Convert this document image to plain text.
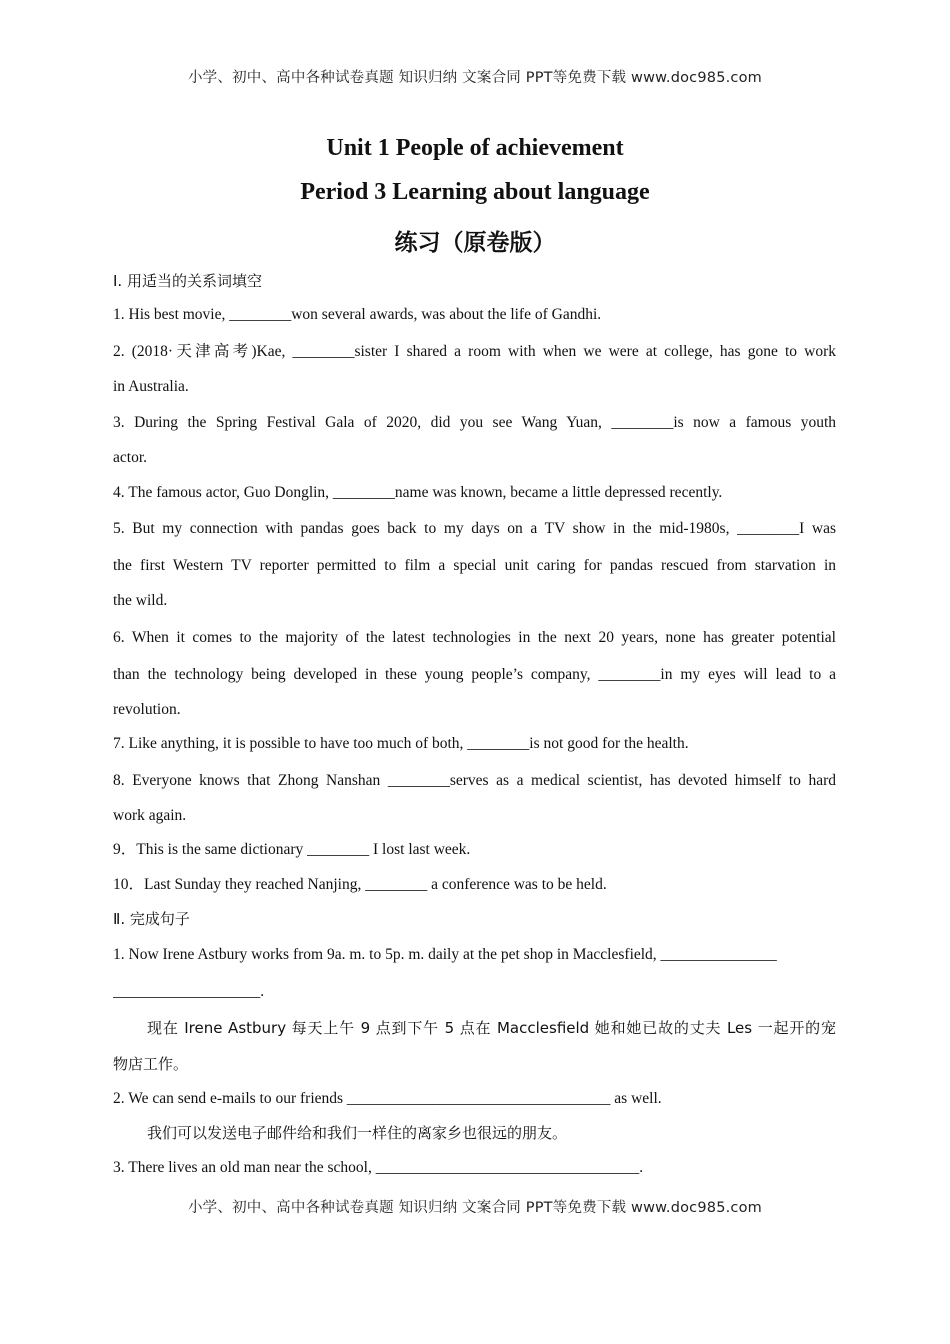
小学、初中、高中各种试卷真题 知识归纳 文案合同 PPT等免费下载 www.doc985.com
Unit 1 People of achievement
Period 3 Learning about language
练习（原卷版）
Ⅰ. 用适当的关系词填空
1. His best movie, ________won several awards, was about the life of Gandhi.
2. (2018·天津高考)Kae, ________sister I shared a room with when we were at college, has gone to work
in Australia.
3. During the Spring Festival Gala of 2020, did you see Wang Yuan, ________is now a famous youth
actor.
4. The famous actor, Guo Donglin, ________name was known, became a little depressed recently.
5. But my connection with pandas goes back to my days on a TV show in the mid-1980s, ________I was
the first Western TV reporter permitted to film a special unit caring for pandas rescued from starvation in
the wild.
6. When it comes to the majority of the latest technologies in the next 20 years, none has greater potential
than the technology being developed in these young people’s company, ________in my eyes will lead to a
revolution.
7. Like anything, it is possible to have too much of both, ________is not good for the health.
8. Everyone knows that Zhong Nanshan ________serves as a medical scientist, has devoted himself to hard
work again.
9．This is the same dictionary ________ I lost last week.
10．Last Sunday they reached Nanjing, ________ a conference was to be held.
Ⅱ. 完成句子
1. Now Irene Astbury works from 9a. m. to 5p. m. daily at the pet shop in Macclesfield, _______________
___________________.
现在 Irene Astbury 每天上午 9 点到下午 5 点在 Macclesfield 她和她已故的丈夫 Les 一起开的宠
物店工作。
2. We can send e-mails to our friends __________________________________ as well.
我们可以发送电子邮件给和我们一样住的离家乡也很远的朋友。
3. There lives an old man near the school, __________________________________.
小学、初中、高中各种试卷真题 知识归纳 文案合同 PPT等免费下载 www.doc985.com
